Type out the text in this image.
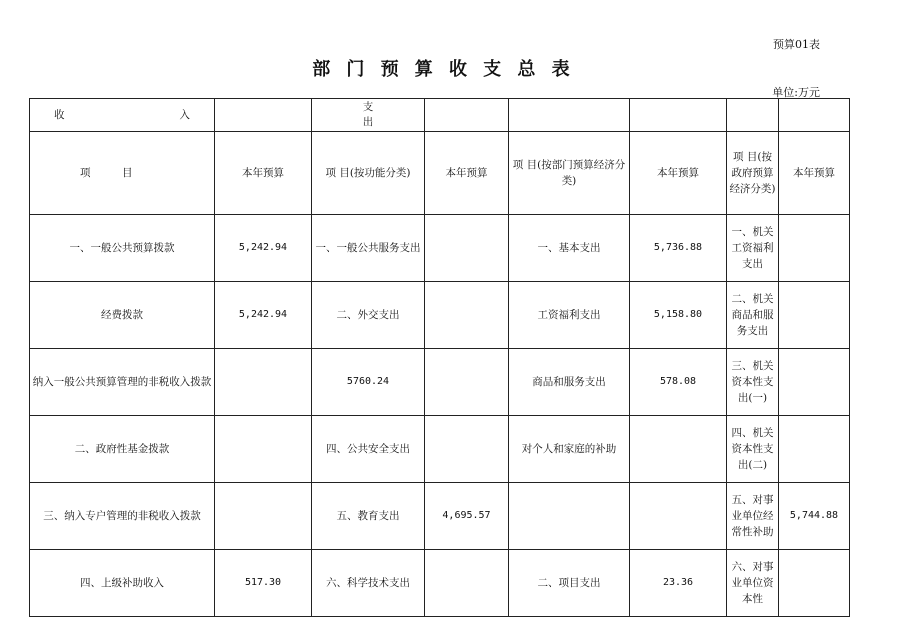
预算01表
部门预算收支总表
单位:万元
收入		支
出					
项目	本年预算	项 目(按功能分类)	本年预算	项 目(按部门预算经济分类)	本年预算	项 目(按政府预算经济分类)	本年预算
一、一般公共预算拨款	5,242.94	一、一般公共服务支出		一、基本支出	5,736.88	一、机关工资福利支出	
经费拨款	5,242.94	二、外交支出		工资福利支出	5,158.80	二、机关商品和服务支出	
纳入一般公共预算管理的非税收入拨款		5760.24		商品和服务支出	578.08	三、机关资本性支出(一)	
二、政府性基金拨款		四、公共安全支出		对个人和家庭的补助		四、机关资本性支出(二)	
三、纳入专户管理的非税收入拨款		五、教育支出	4,695.57			五、对事业单位经常性补助	5,744.88
四、上级补助收入	517.30	六、科学技术支出		二、项目支出	23.36	六、对事业单位资本性	
